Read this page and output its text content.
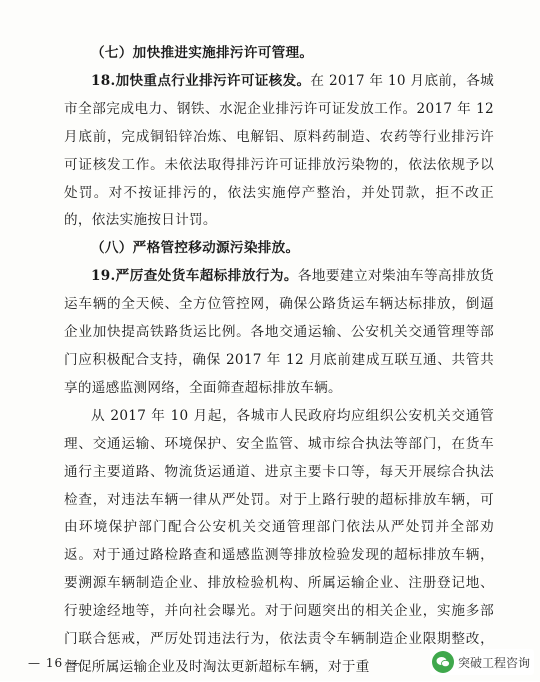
（七）加快推进实施排污许可管理。

18.加快重点行业排污许可证核发。在 2017 年 10 月底前，各城市全部完成电力、钢铁、水泥企业排污许可证发放工作。2017 年 12 月底前，完成铜铅锌冶炼、电解铝、原料药制造、农药等行业排污许可证核发工作。未依法取得排污许可证排放污染物的，依法依规予以处罚。对不按证排污的，依法实施停产整治，并处罚款，拒不改正的，依法实施按日计罚。

（八）严格管控移动源污染排放。

19.严厉查处货车超标排放行为。各地要建立对柴油车等高排放货运车辆的全天候、全方位管控网，确保公路货运车辆达标排放，倒逼企业加快提高铁路货运比例。各地交通运输、公安机关交通管理等部门应积极配合支持，确保 2017 年 12 月底前建成互联互通、共管共享的遥感监测网络，全面筛查超标排放车辆。

从 2017 年 10 月起，各城市人民政府均应组织公安机关交通管理、交通运输、环境保护、安全监管、城市综合执法等部门，在货车通行主要道路、物流货运通道、进京主要卡口等，每天开展综合执法检查，对违法车辆一律从严处罚。对于上路行驶的超标排放车辆，可由环境保护部门配合公安机关交通管理部门依法从严处罚并全部劝返。对于通过路检路查和遥感监测等排放检验发现的超标排放车辆，要溯源车辆制造企业、排放检验机构、所属运输企业、注册登记地、行驶途经地等，并向社会曝光。对于问题突出的相关企业，实施多部门联合惩戒，严厉处罚违法行为，依法责令车辆制造企业限期整改，督促所属运输企业及时淘汰更新超标车辆，对于重

— 16 —	突破工程咨询
